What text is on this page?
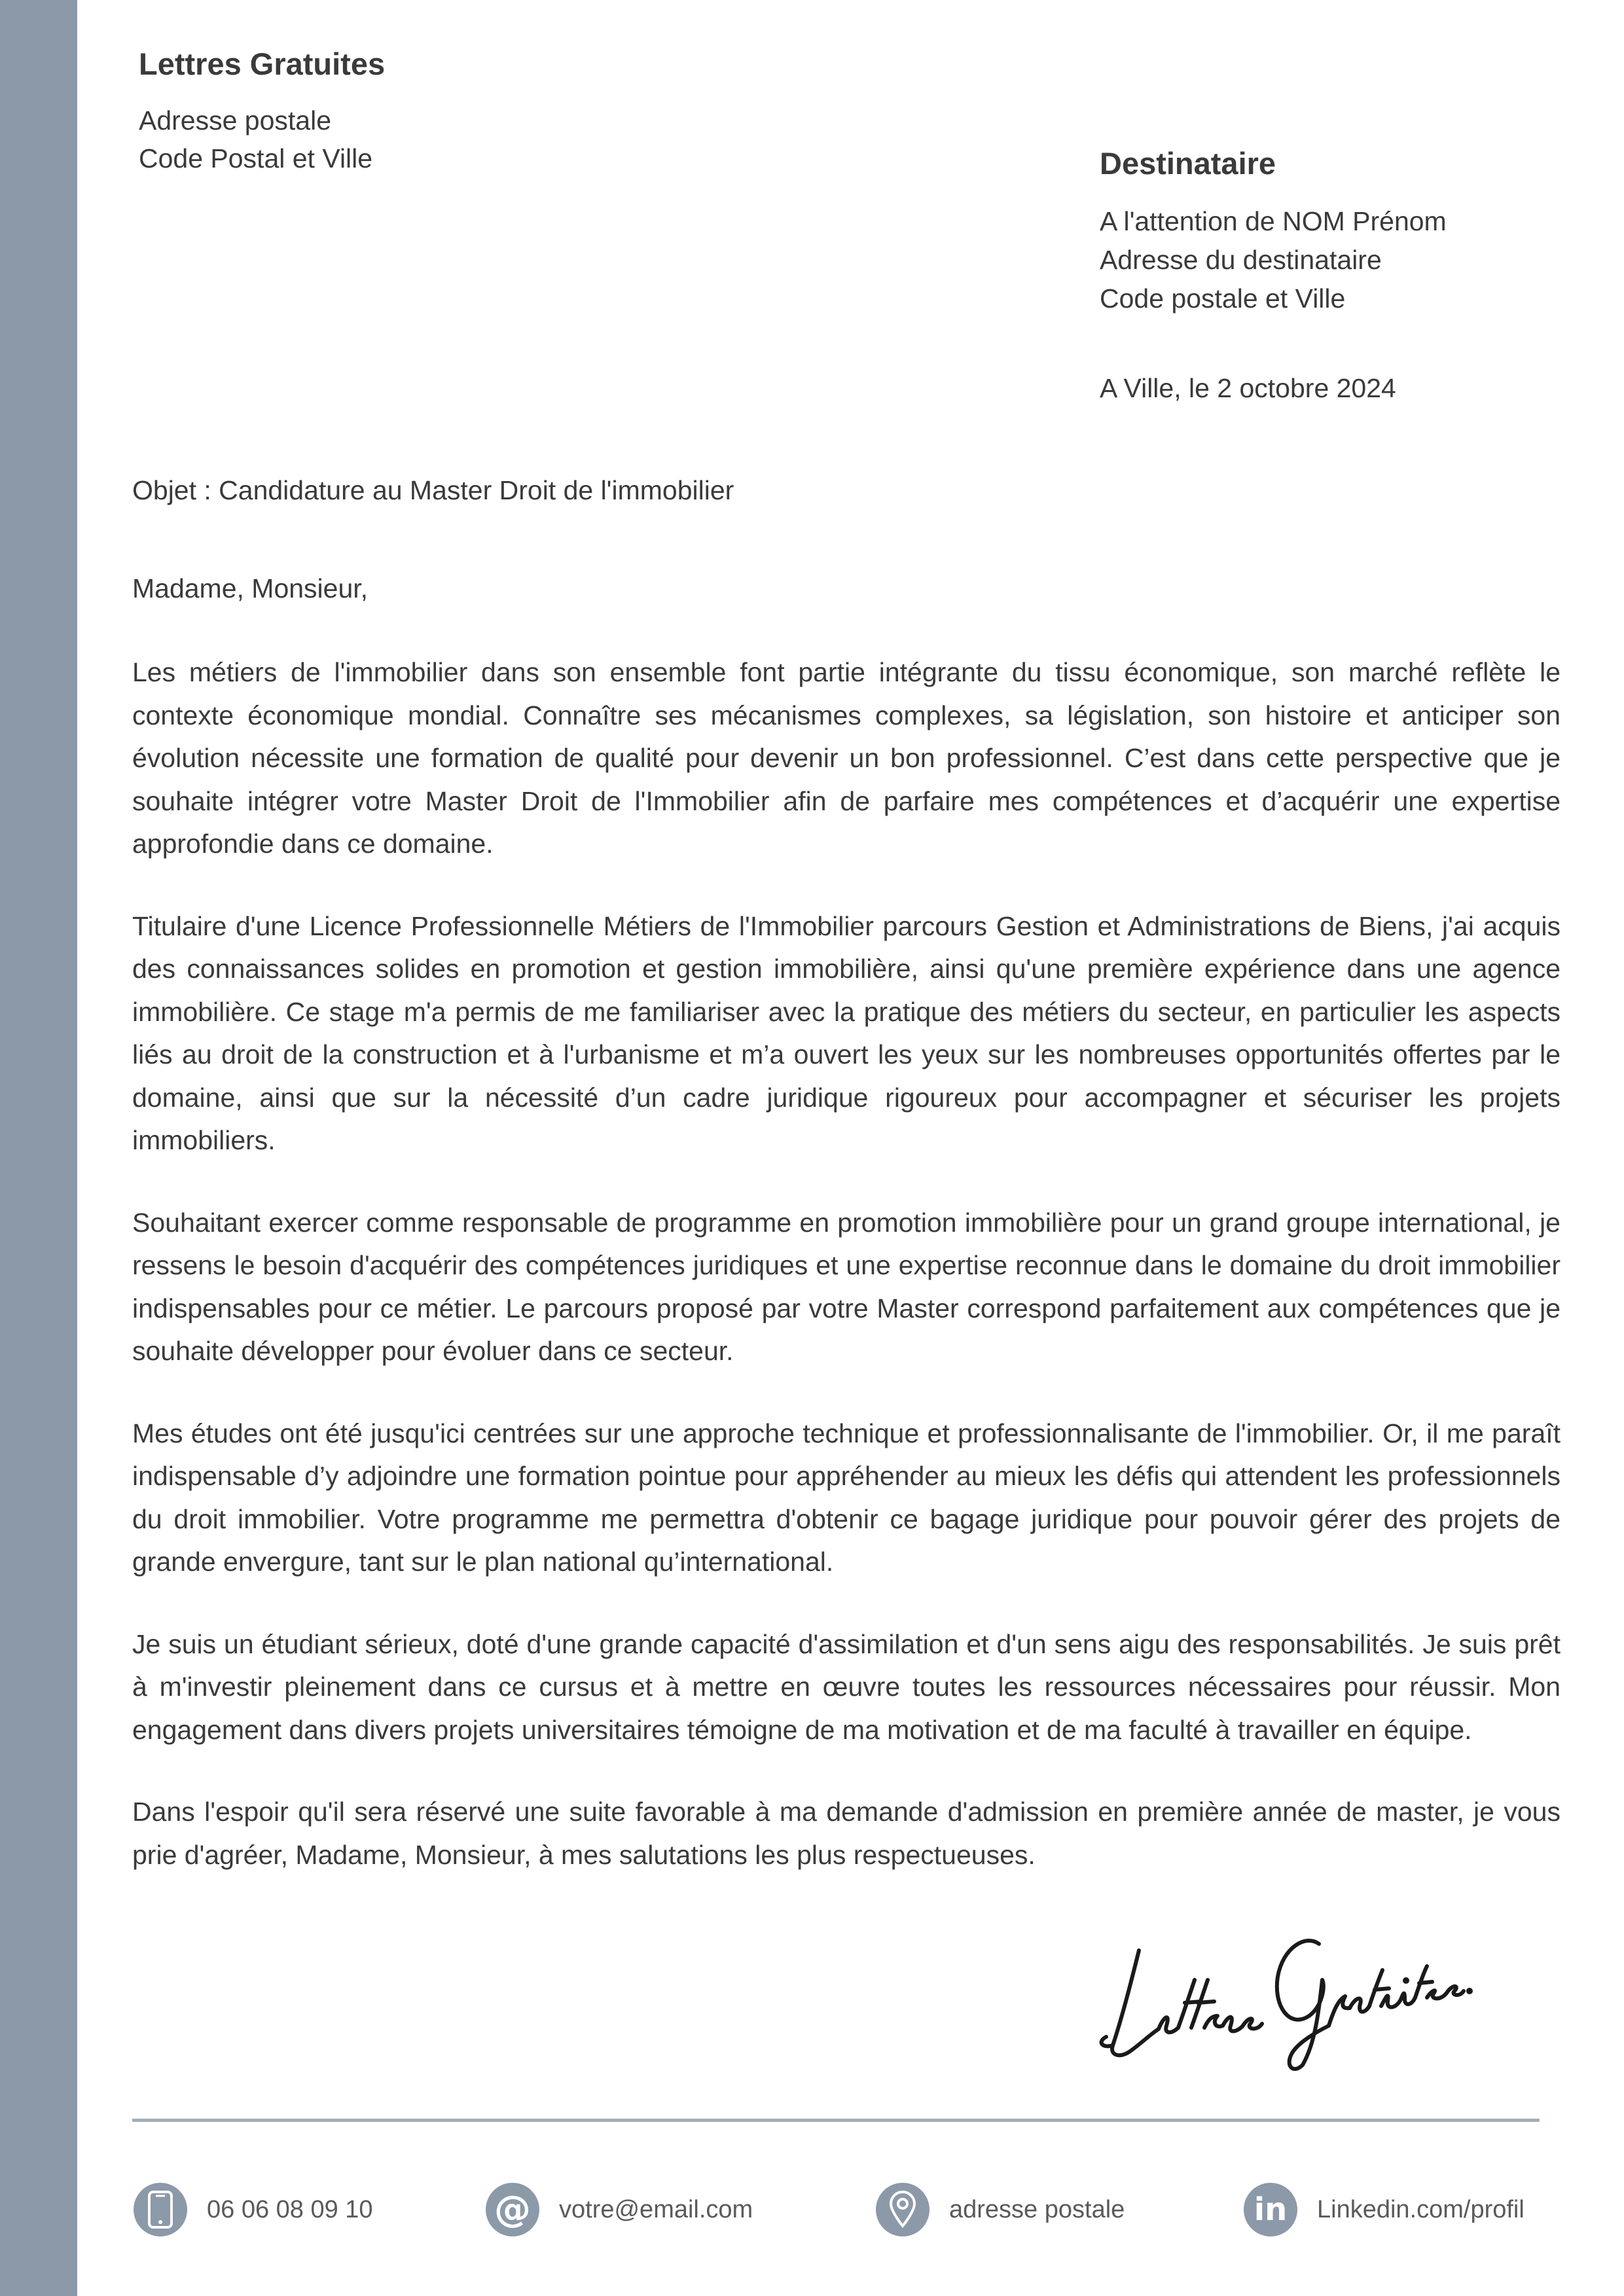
Lettres Gratuites
Adresse postale
Code Postal et Ville	Destinataire
A l'attention de NOM Prénom
Adresse du destinataire
Code postale et Ville
A Ville, le 2 octobre 2024
Objet : Candidature au Master Droit de l'immobilier
Madame, Monsieur,

Les métiers de l'immobilier dans son ensemble font partie intégrante du tissu économique, son marché reflète le contexte économique mondial. Connaître ses mécanismes complexes, sa législation, son histoire et anticiper son évolution nécessite une formation de qualité pour devenir un bon professionnel. C’est dans cette perspective que je souhaite intégrer votre Master Droit de l'Immobilier afin de parfaire mes compétences et d’acquérir une expertise approfondie dans ce domaine.

Titulaire d'une Licence Professionnelle Métiers de l'Immobilier parcours Gestion et Administrations de Biens, j'ai acquis des connaissances solides en promotion et gestion immobilière, ainsi qu'une première expérience dans une agence immobilière. Ce stage m'a permis de me familiariser avec la pratique des métiers du secteur, en particulier les aspects liés au droit de la construction et à l'urbanisme et m’a ouvert les yeux sur les nombreuses opportunités offertes par le domaine, ainsi que sur la nécessité d’un cadre juridique rigoureux pour accompagner et sécuriser les projets immobiliers.

Souhaitant exercer comme responsable de programme en promotion immobilière pour un grand groupe international, je ressens le besoin d'acquérir des compétences juridiques et une expertise reconnue dans le domaine du droit immobilier indispensables pour ce métier. Le parcours proposé par votre Master correspond parfaitement aux compétences que je souhaite développer pour évoluer dans ce secteur.

Mes études ont été jusqu'ici centrées sur une approche technique et professionnalisante de l'immobilier. Or, il me paraît indispensable d’y adjoindre une formation pointue pour appréhender au mieux les défis qui attendent les professionnels du droit immobilier. Votre programme me permettra d'obtenir ce bagage juridique pour pouvoir gérer des projets de grande envergure, tant sur le plan national qu’international.

Je suis un étudiant sérieux, doté d'une grande capacité d'assimilation et d'un sens aigu des responsabilités. Je suis prêt à m'investir pleinement dans ce cursus et à mettre en œuvre toutes les ressources nécessaires pour réussir. Mon engagement dans divers projets universitaires témoigne de ma motivation et de ma faculté à travailler en équipe.

Dans l'espoir qu'il sera réservé une suite favorable à ma demande d'admission en première année de master, je vous prie d'agréer, Madame, Monsieur, à mes salutations les plus respectueuses.

06 06 08 09 10	@ votre@email.com	adresse postale	in Linkedin.com/profil
